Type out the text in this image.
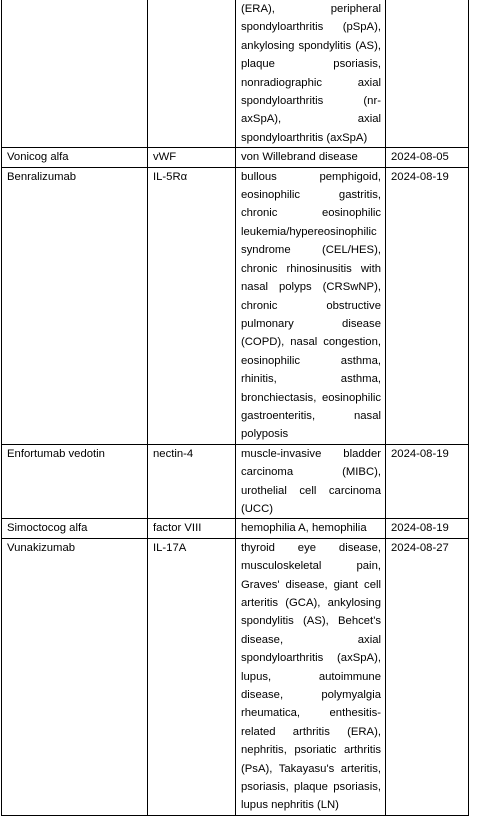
		(ERA), peripheral spondyloarthritis (pSpA), ankylosing spondylitis (AS), plaque psoriasis, nonradiographic axial spondyloarthritis (nr-axSpA), axial spondyloarthritis (axSpA)	
Vonicog alfa	vWF	von Willebrand disease	2024-08-05
Benralizumab	IL-5Rα	bullous pemphigoid, eosinophilic gastritis, chronic eosinophilic leukemia/hypereosinophilic syndrome (CEL/HES), chronic rhinosinusitis with nasal polyps (CRSwNP), chronic obstructive pulmonary disease (COPD), nasal congestion, eosinophilic asthma, rhinitis, asthma, bronchiectasis, eosinophilic gastroenteritis, nasal polyposis	2024-08-19
Enfortumab vedotin	nectin-4	muscle-invasive bladder carcinoma (MIBC), urothelial cell carcinoma (UCC)	2024-08-19
Simoctocog alfa	factor VIII	hemophilia A, hemophilia	2024-08-19
Vunakizumab	IL-17A	thyroid eye disease, musculoskeletal pain, Graves' disease, giant cell arteritis (GCA), ankylosing spondylitis (AS), Behcet's disease, axial spondyloarthritis (axSpA), lupus, autoimmune disease, polymyalgia rheumatica, enthesitis-related arthritis (ERA), nephritis, psoriatic arthritis (PsA), Takayasu's arteritis, psoriasis, plaque psoriasis, lupus nephritis (LN)	2024-08-27
